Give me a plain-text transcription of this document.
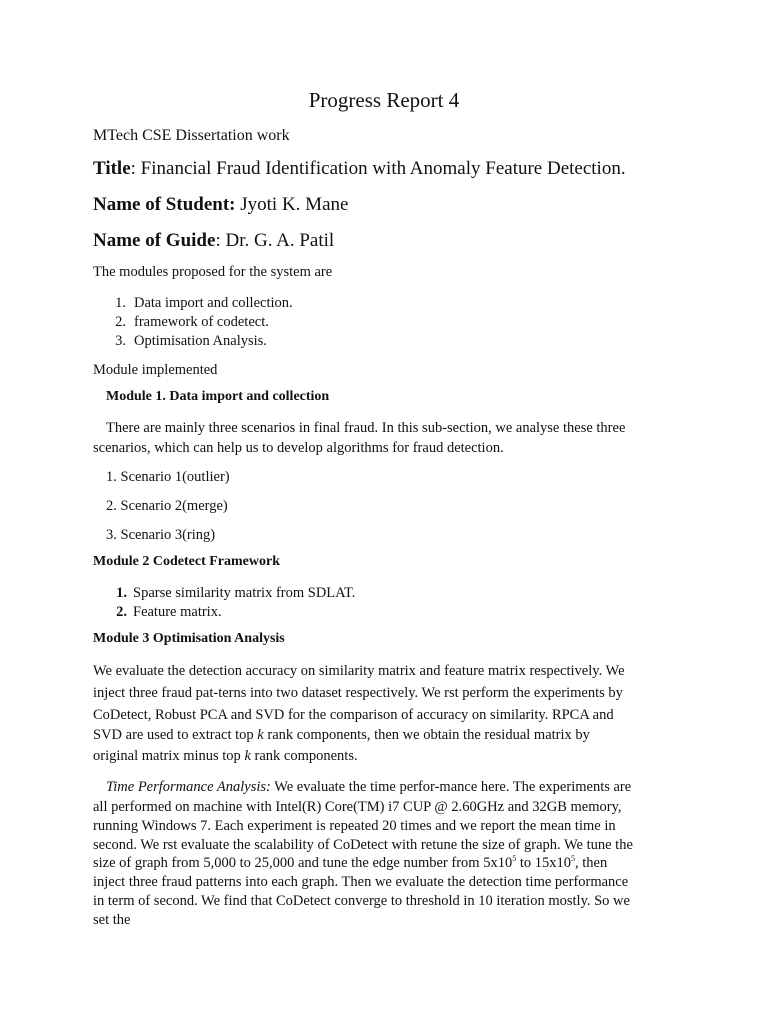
Progress Report 4
MTech CSE Dissertation work
Title: Financial Fraud Identification with Anomaly Feature Detection.
Name of Student: Jyoti K. Mane
Name of Guide: Dr. G. A. Patil
The modules proposed for the system are
1. Data import and collection.
2. framework of codetect.
3. Optimisation Analysis.
Module implemented
Module 1. Data import and collection
There are mainly three scenarios in final fraud. In this sub-section, we analyse these three
scenarios, which can help us to develop algorithms for fraud detection.
1. Scenario 1(outlier)
2. Scenario 2(merge)
3. Scenario 3(ring)
Module 2 Codetect Framework
1. Sparse similarity matrix from SDLAT.
2. Feature matrix.
Module 3 Optimisation Analysis
We evaluate the detection accuracy on similarity matrix and feature matrix respectively. We
inject three fraud pat-terns into two dataset respectively. We rst perform the experiments by
CoDetect, Robust PCA and SVD for the comparison of accuracy on similarity. RPCA and
SVD are used to extract top k rank components, then we obtain the residual matrix by
original matrix minus top k rank components.
Time Performance Analysis: We evaluate the time perfor-mance here. The experiments are
all performed on machine with Intel(R) Core(TM) i7 CUP @ 2.60GHz and 32GB memory,
running Windows 7. Each experiment is repeated 20 times and we report the mean time in
second. We rst evaluate the scalability of CoDetect with retune the size of graph. We tune the
size of graph from 5,000 to 25,000 and tune the edge number from $5x10^5$ to $15x10^5$, then
inject three fraud patterns into each graph. Then we evaluate the detection time performance
in term of second. We find that CoDetect converge to threshold in 10 iteration mostly. So we
set the
